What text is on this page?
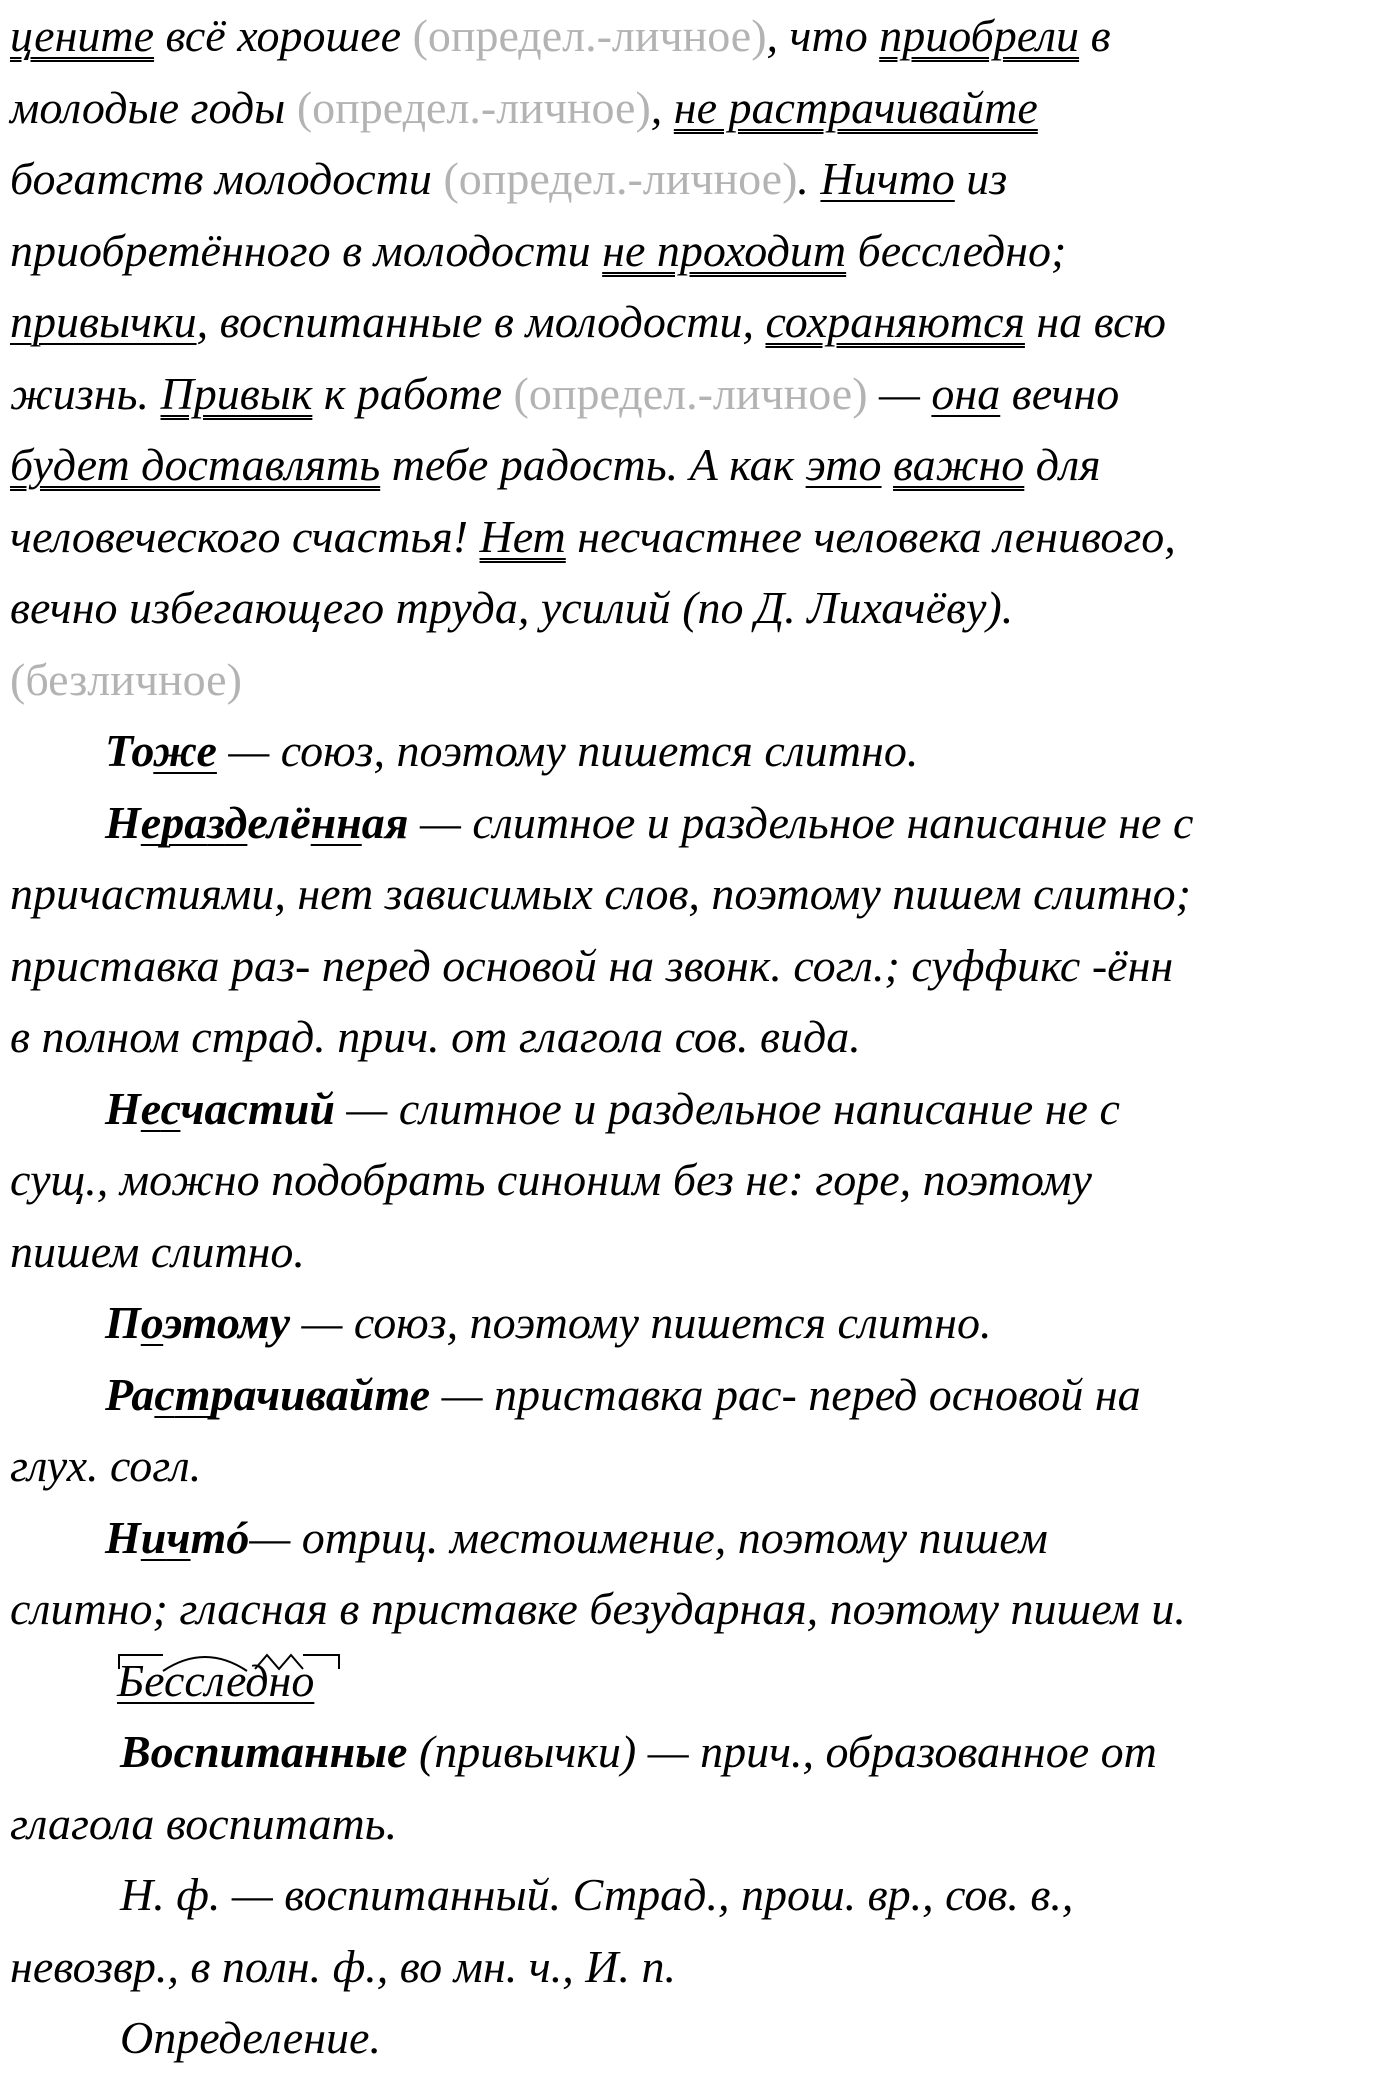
цените всё хорошее (определ.-личное), что приобрели в
молодые годы (определ.-личное), не растрачивайте
богатств молодости (определ.-личное). Ничто из
приобретённого в молодости не проходит бесследно;
привычки, воспитанные в молодости, сохраняются на всю
жизнь. Привык к работе (определ.-личное) — она вечно
будет доставлять тебе радость. А как это важно для
человеческого счастья! Нет несчастнее человека ленивого,
вечно избегающего труда, усилий (по Д. Лихачёву).
(безличное)
Тоже — союз, поэтому пишется слитно.
Неразделённая — слитное и раздельное написание не с
причастиями, нет зависимых слов, поэтому пишем слитно;
приставка раз- перед основой на звонк. согл.; суффикс -ённ
в полном страд. прич. от глагола сов. вида.
Несчастий — слитное и раздельное написание не с
сущ., можно подобрать синоним без не: горе, поэтому
пишем слитно.
Поэтому — союз, поэтому пишется слитно.
Растрачивайте — приставка рас- перед основой на
глух. согл.
Ничтó— отриц. местоимение, поэтому пишем
слитно; гласная в приставке безударная, поэтому пишем и.
Бесследно
Воспитанные (привычки) — прич., образованное от
глагола воспитать.
Н. ф. — воспитанный. Страд., прош. вр., сов. в.,
невозвр., в полн. ф., во мн. ч., И. п.
Определение.
